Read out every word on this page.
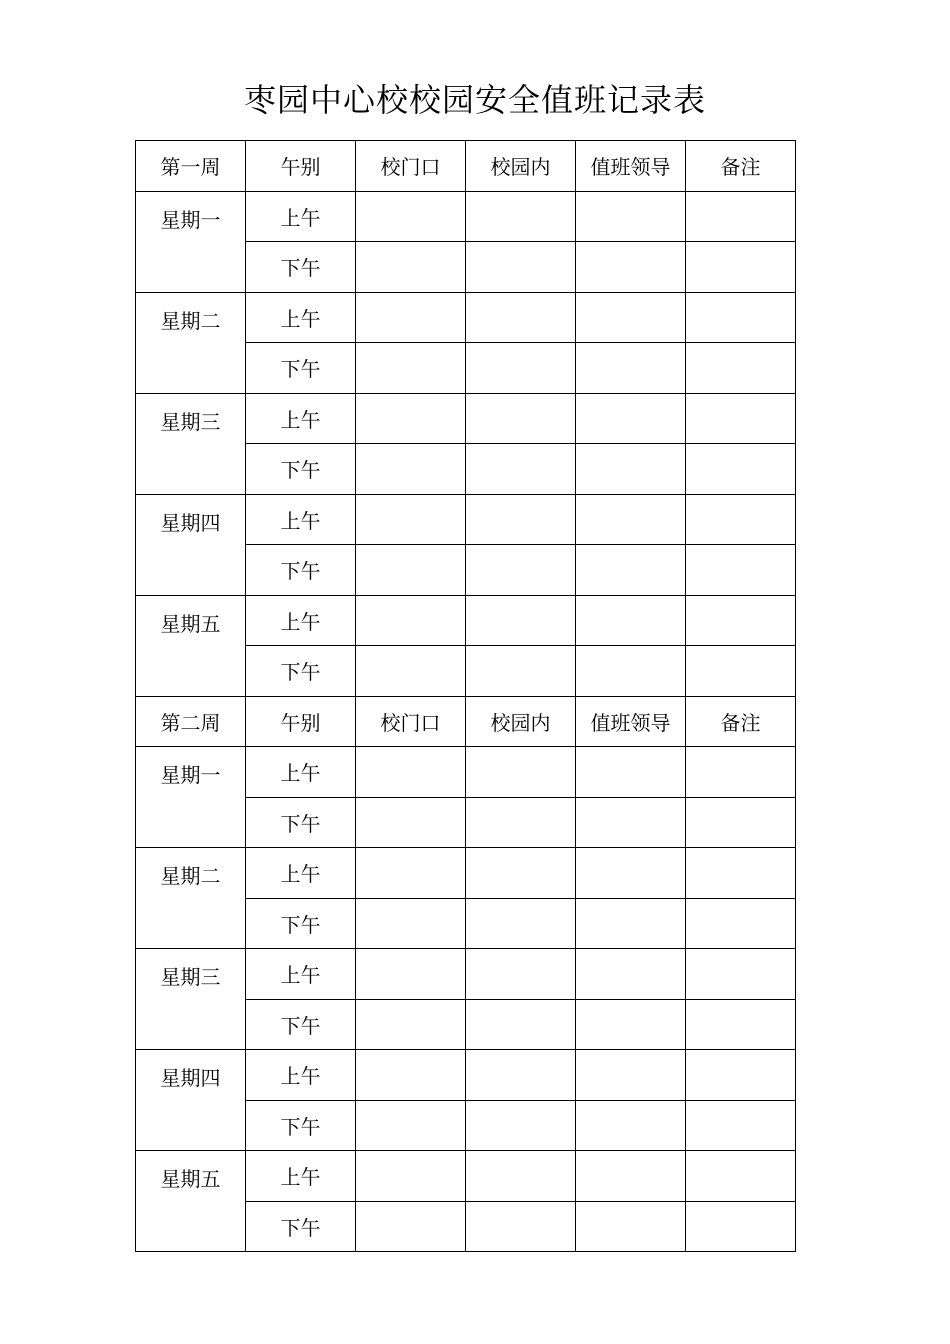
枣园中心校校园安全值班记录表
第一周	午别	校门口	校园内	值班领导	备注
星期一	上午				
	下午				
星期二	上午				
	下午				
星期三	上午				
	下午				
星期四	上午				
	下午				
星期五	上午				
	下午				
第二周	午别	校门口	校园内	值班领导	备注
星期一	上午				
	下午				
星期二	上午				
	下午				
星期三	上午				
	下午				
星期四	上午				
	下午				
星期五	上午				
	下午				
